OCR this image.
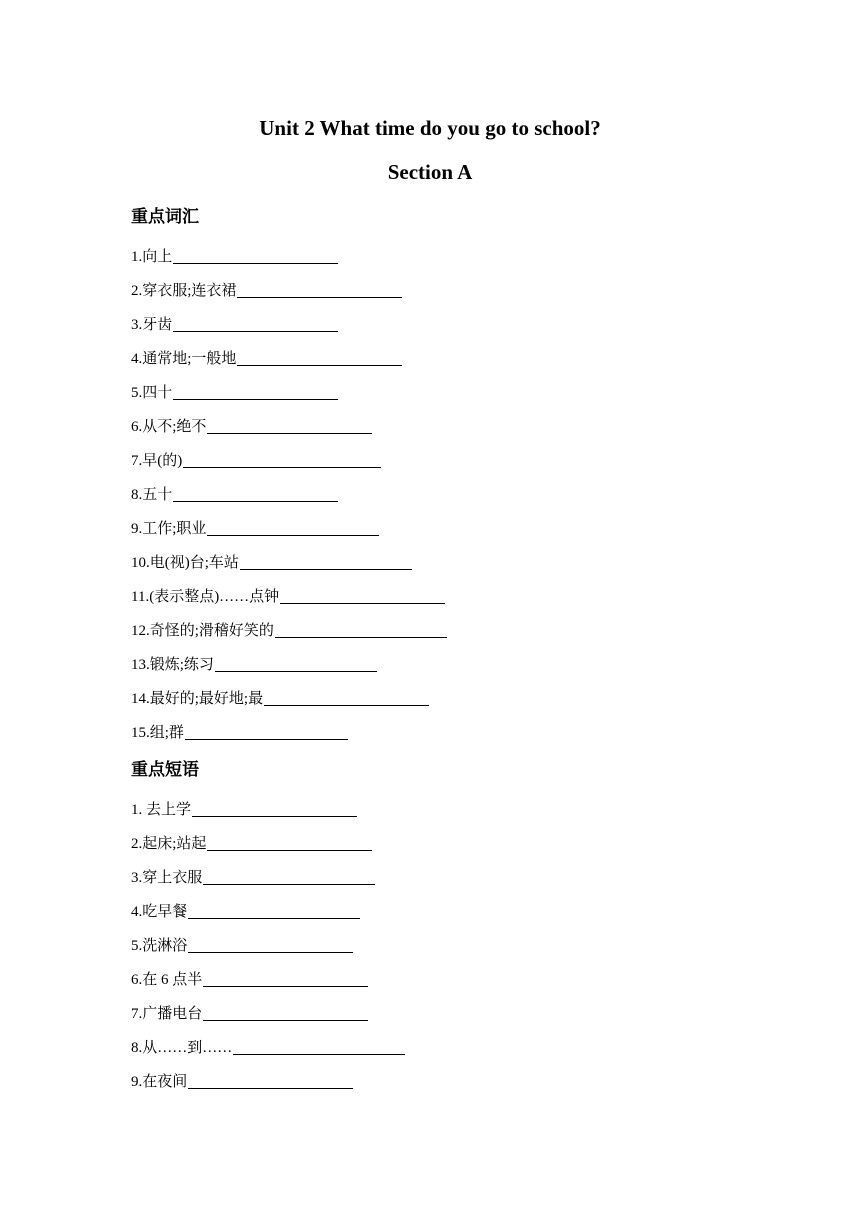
Unit 2 What time do you go to school?
Section A
重点词汇
1.向上
2.穿衣服;连衣裙
3.牙齿
4.通常地;一般地
5.四十
6.从不;绝不
7.早(的)
8.五十
9.工作;职业
10.电(视)台;车站
11.(表示整点)……点钟
12.奇怪的;滑稽好笑的
13.锻炼;练习
14.最好的;最好地;最
15.组;群
重点短语
1. 去上学
2.起床;站起
3.穿上衣服
4.吃早餐
5.洗淋浴
6.在 6 点半
7.广播电台
8.从……到……
9.在夜间
